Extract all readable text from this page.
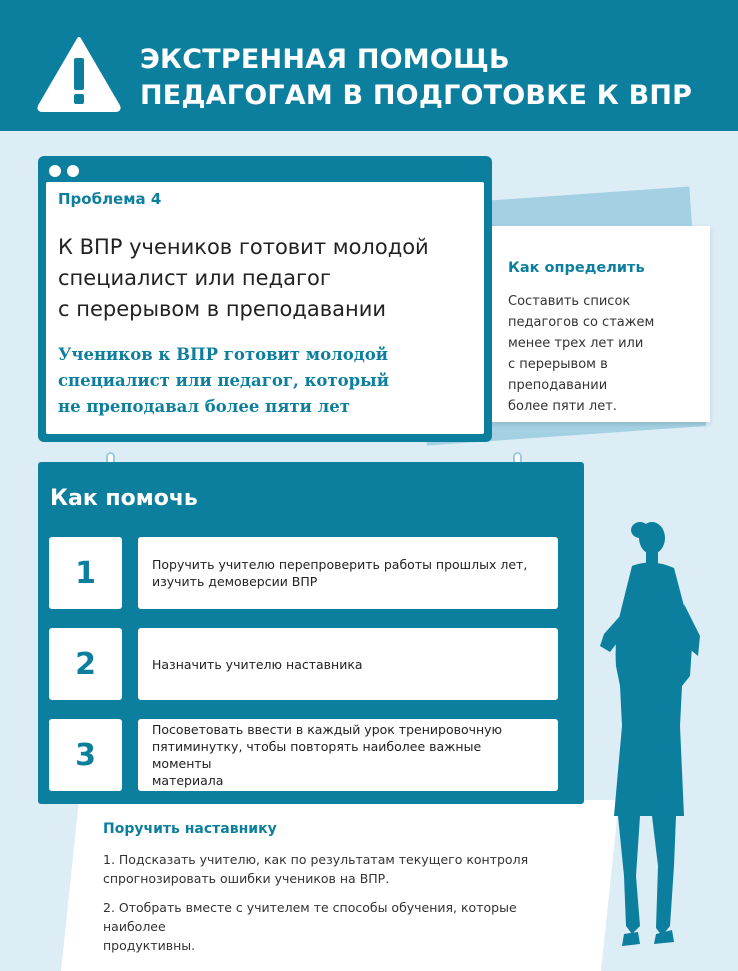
ЭКСТРЕННАЯ ПОМОЩЬ
ПЕДАГОГАМ В ПОДГОТОВКЕ К ВПР
Как определить
Составить список
педагогов со стажем
менее трех лет или
с перерывом в преподавании
более пяти лет.
Проблема 4
К ВПР учеников готовит молодой
специалист или педагог
с перерывом в преподавании
Учеников к ВПР готовит молодой
специалист или педагог, который
не преподавал более пяти лет
Как помочь
1	Поручить учителю перепроверить работы прошлых лет,
изучить демоверсии ВПР
2	Назначить учителю наставника
3
Посоветовать ввести в каждый урок тренировочную
пятиминутку, чтобы повторять наиболее важные моменты
материала
Поручить наставнику
1. Подсказать учителю, как по результатам текущего контроля
спрогнозировать ошибки учеников на ВПР.
2. Отобрать вместе с учителем те способы обучения, которые наиболее
продуктивны.
